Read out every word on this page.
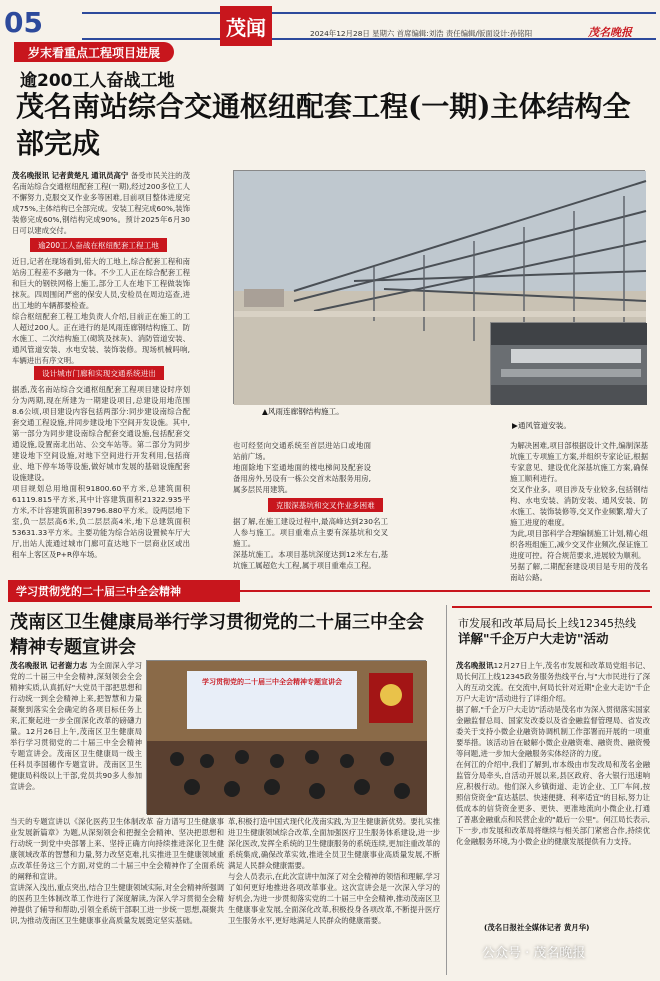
05	茂闻	2024年12月28日 星期六 首席编辑:刘浩 责任编辑/版面设计:孙铭阳	茂名晚报
岁末看重点工程项目进展
逾200工人奋战工地
茂名南站综合交通枢纽配套工程(一期)主体结构全部完成
茂名晚报讯 记者黄楚凡 通讯员高宁 备受市民关注的茂名南站综合交通枢纽配套工程(一期),经过200多位工人不懈努力,克服交叉作业多等困难,目前项目整体进度完成75%,主体结构已全部完成。安装工程完成60%,装饰装修完成60%,钢结构完成90%。预计2025年6月30日可以建成交付。
逾200工人奋战在枢纽配套工程工地
近日,记者在现场看到,偌大的工地上,综合配套工程和南站房工程差不多融为一体。不少工人正在综合配套工程和巨大的钢铁网格上施工,部分工人在地下工程做装饰抹灰。四周围闭严密的保安人员,安检员在周边巡查,进出工地的车辆都要检查。
综合枢纽配套工程工地负责人介绍,目前正在施工的工人超过200人。正在进行的是风雨连廊钢结构施工、防水施工、二次结构施工(砌筑及抹灰)、消防管道安装、通风管道安装、水电安装、装饰装修。现场机械吗响,车辆进出有序文明。
设计城市门廊和实现交通系统进出
据悉,茂名南站综合交通枢纽配套工程项目建设时序划分为两期,现在所建为一期建设项目,总建设用地范围8.6公顷,项目建设内容包括两部分:同步建设南综合配套交通工程设施,并同步建设地下空间开发设施。其中,第一部分为同步建设南综合配套交通设施,包括配套交通设施,设置南北出站、公交车站等。第二部分为同步建设地下空间设施,对地下空间进行开发利用,包括商业、地下停车场等设施,做好城市发展的基础设施配套设施建设。
项目规划总用地面积91800.60平方米,总建筑面积61119.815平方米,其中计容建筑面积21322.935平方米,不计容建筑面积39796.880平方米。设两层地下室,负一层层高6米,负二层层高4米,地下总建筑面积53631.33平方米。主要功能为综合站房设置候车厅大厅,出站人流通过城市门廊可直达地下一层商业区或出租车上客区及P+R停车场。
▲风雨连廊钢结构施工。
▶通风管道安装。
也可经竖向交通系统至首层进站口或地面站前广场。
地面除地下室通地面的楼电梯间及配套设备用房外,另设有一栋公交首末站服务用房,属多层民用建筑。
克服深基坑和交叉作业多困难
据了解,在施工建设过程中,最高峰达到230名工人参与施工。项目重难点主要有深基坑和交叉施工。
深基坑施工。本项目基坑深度达到12米左右,基坑施工属超危大工程,属于项目重难点工程。
为解决困难,项目部根据设计文件,编制深基坑施工专项施工方案,并组织专家论证,根据专家意见、建设优化深基坑施工方案,确保施工顺利进行。
交叉作业多。项目涉及专业较多,包括钢结构、水电安装、消防安装、通风安装、防水施工、装饰装修等,交叉作业频繁,增大了施工进度的难度。
为此,项目部科学合理编制施工计划,精心组织各班组施工,减少交叉作业频次,保证施工进度可控。符合规范要求,进展较为顺利。
另据了解,二期配套建设项目是专用的茂名南站公路。
学习贯彻党的二十届三中全会精神
茂南区卫生健康局举行学习贯彻党的二十届三中全会精神专题宣讲会
茂名晚报讯 记者谢力志 为全面深入学习党的二十届三中全会精神,深刻领会全会精神实质,认真抓好"大党员干部把思想和行动统一到全会精神上来,把智慧和力量凝聚到落实全会确定的各项目标任务上来,汇聚起进一步全面深化改革的磅礴力量。12月26日上午,茂南区卫生健康局举行学习贯彻党的二十届三中全会精神专题宣讲会。茂南区卫生健康局一级主任科员李国穗作专题宣讲。茂南区卫生健康局科级以上干部,党员共90多人参加宣讲会。
学习贯彻党的二十届三中全会精神专题宣讲会
当天的专题宣讲以《深化医药卫生体制改革 奋力谱写卫生健康事业发展新篇章》为题,从深刻领会和把握全会精神、坚决把思想和行动统一到党中央部署上来、坚持正确方向持续推进深化卫生健康领域改革的智慧和力量,努力改坚克难,扎实推进卫生健康领域重点改革任务这三个方面,对党的二十届三中全会精神作了全面系统的阐释和宣讲。
宣讲深入浅出,重点突出,结合卫生健康领域实际,对全会精神所强调的医药卫生体制改革工作进行了深度解读,为深入学习贯彻全会精神提供了辅导和帮助,引领全系统干部职工进一步统一思想,凝聚共识,为推动茂南区卫生健康事业高质量发展奠定坚实基础。
革,积极打造中国式现代化茂南实践,为卫生健康新优势。要扎实推进卫生健康领域综合改革,全面加强医疗卫生服务体系建设,进一步深化医改,发挥全系统的卫生健康服务的系统连续,更加注重改革的系统集成,确保改革实效,推进全员卫生健康事业高质量发展,不断满足人民群众健康需要。
与会人员表示,在此次宣讲中加深了对全会精神的领悟和理解,学习了如何更好地推进各项改革事业。这次宣讲会是一次深入学习的好机会,为进一步贯彻落实党的二十届三中全会精神,推动茂南区卫生健康事业发展,全面深化改革,积极投身各项改革,不断提升医疗卫生服务水平,更好地满足人民群众的健康需要。
市发展和改革局局长上线12345热线
详解"千企万户大走访"活动
茂名晚报讯12月27日上午,茂名市发展和改革局党组书记、局长何江上线12345政务服务热线平台,与"大市民进行了深入的互动交流。在交流中,何局长针对近期"企业大走访"千企万户大走访"活动进行了详细介绍。
据了解,"千企万户大走访"活动是茂名市为深入贯彻落实国家金融监督总局、国家发改委以及省金融监督管理局、省发改委关于支持小微企业融资协调机制工作部署而开展的一项重要举措。该活动旨在破解小微企业融资难、融资贵、融资慢等问题,进一步加大金融服务实体经济的力度。
在何江的介绍中,我们了解到,市本级由市发改局和茂名金融监管分局牵头,自活动开展以来,县区政府、各大银行迅速响应,积极行动。他们深入乡镇街道、走访企业、工厂车间,按照信贷资金"直达基层、快速便捷、利率适宜"的目标,努力让低成本的信贷资金更多、更快、更准地流向小微企业,打通了普惠金融重点和民营企业的"最后一公里"。何江局长表示,下一步,市发展和改革局将继续与相关部门紧密合作,持续优化金融服务环境,为小微企业的健康发展提供有力支持。
(茂名日报社全媒体记者 黄月华)
公众号 · 茂名晚报
